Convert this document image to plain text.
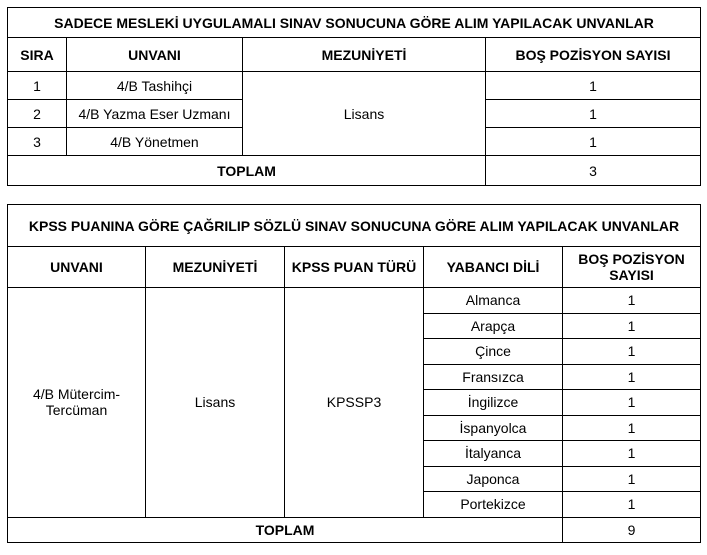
SADECE MESLEKİ UYGULAMALI SINAV SONUCUNA GÖRE ALIM YAPILACAK UNVANLAR			
SIRA	UNVANI	MEZUNİYETİ	BOŞ POZİSYON SAYISI
1	4/B Tashihçi	Lisans	1
2	4/B Yazma Eser Uzmanı		1
3	4/B Yönetmen		1
TOPLAM			3
KPSS PUANINA GÖRE ÇAĞRILIP SÖZLÜ SINAV SONUCUNA GÖRE ALIM YAPILACAK UNVANLAR				
UNVANI	MEZUNİYETİ	KPSS PUAN TÜRÜ	YABANCI DİLİ	BOŞ POZİSYON
SAYISI
4/B Mütercim-
Tercüman	Lisans	KPSSP3	Almanca	1
			Arapça	1
			Çince	1
			Fransızca	1
			İngilizce	1
			İspanyolca	1
			İtalyanca	1
			Japonca	1
			Portekizce	1
TOPLAM				9
